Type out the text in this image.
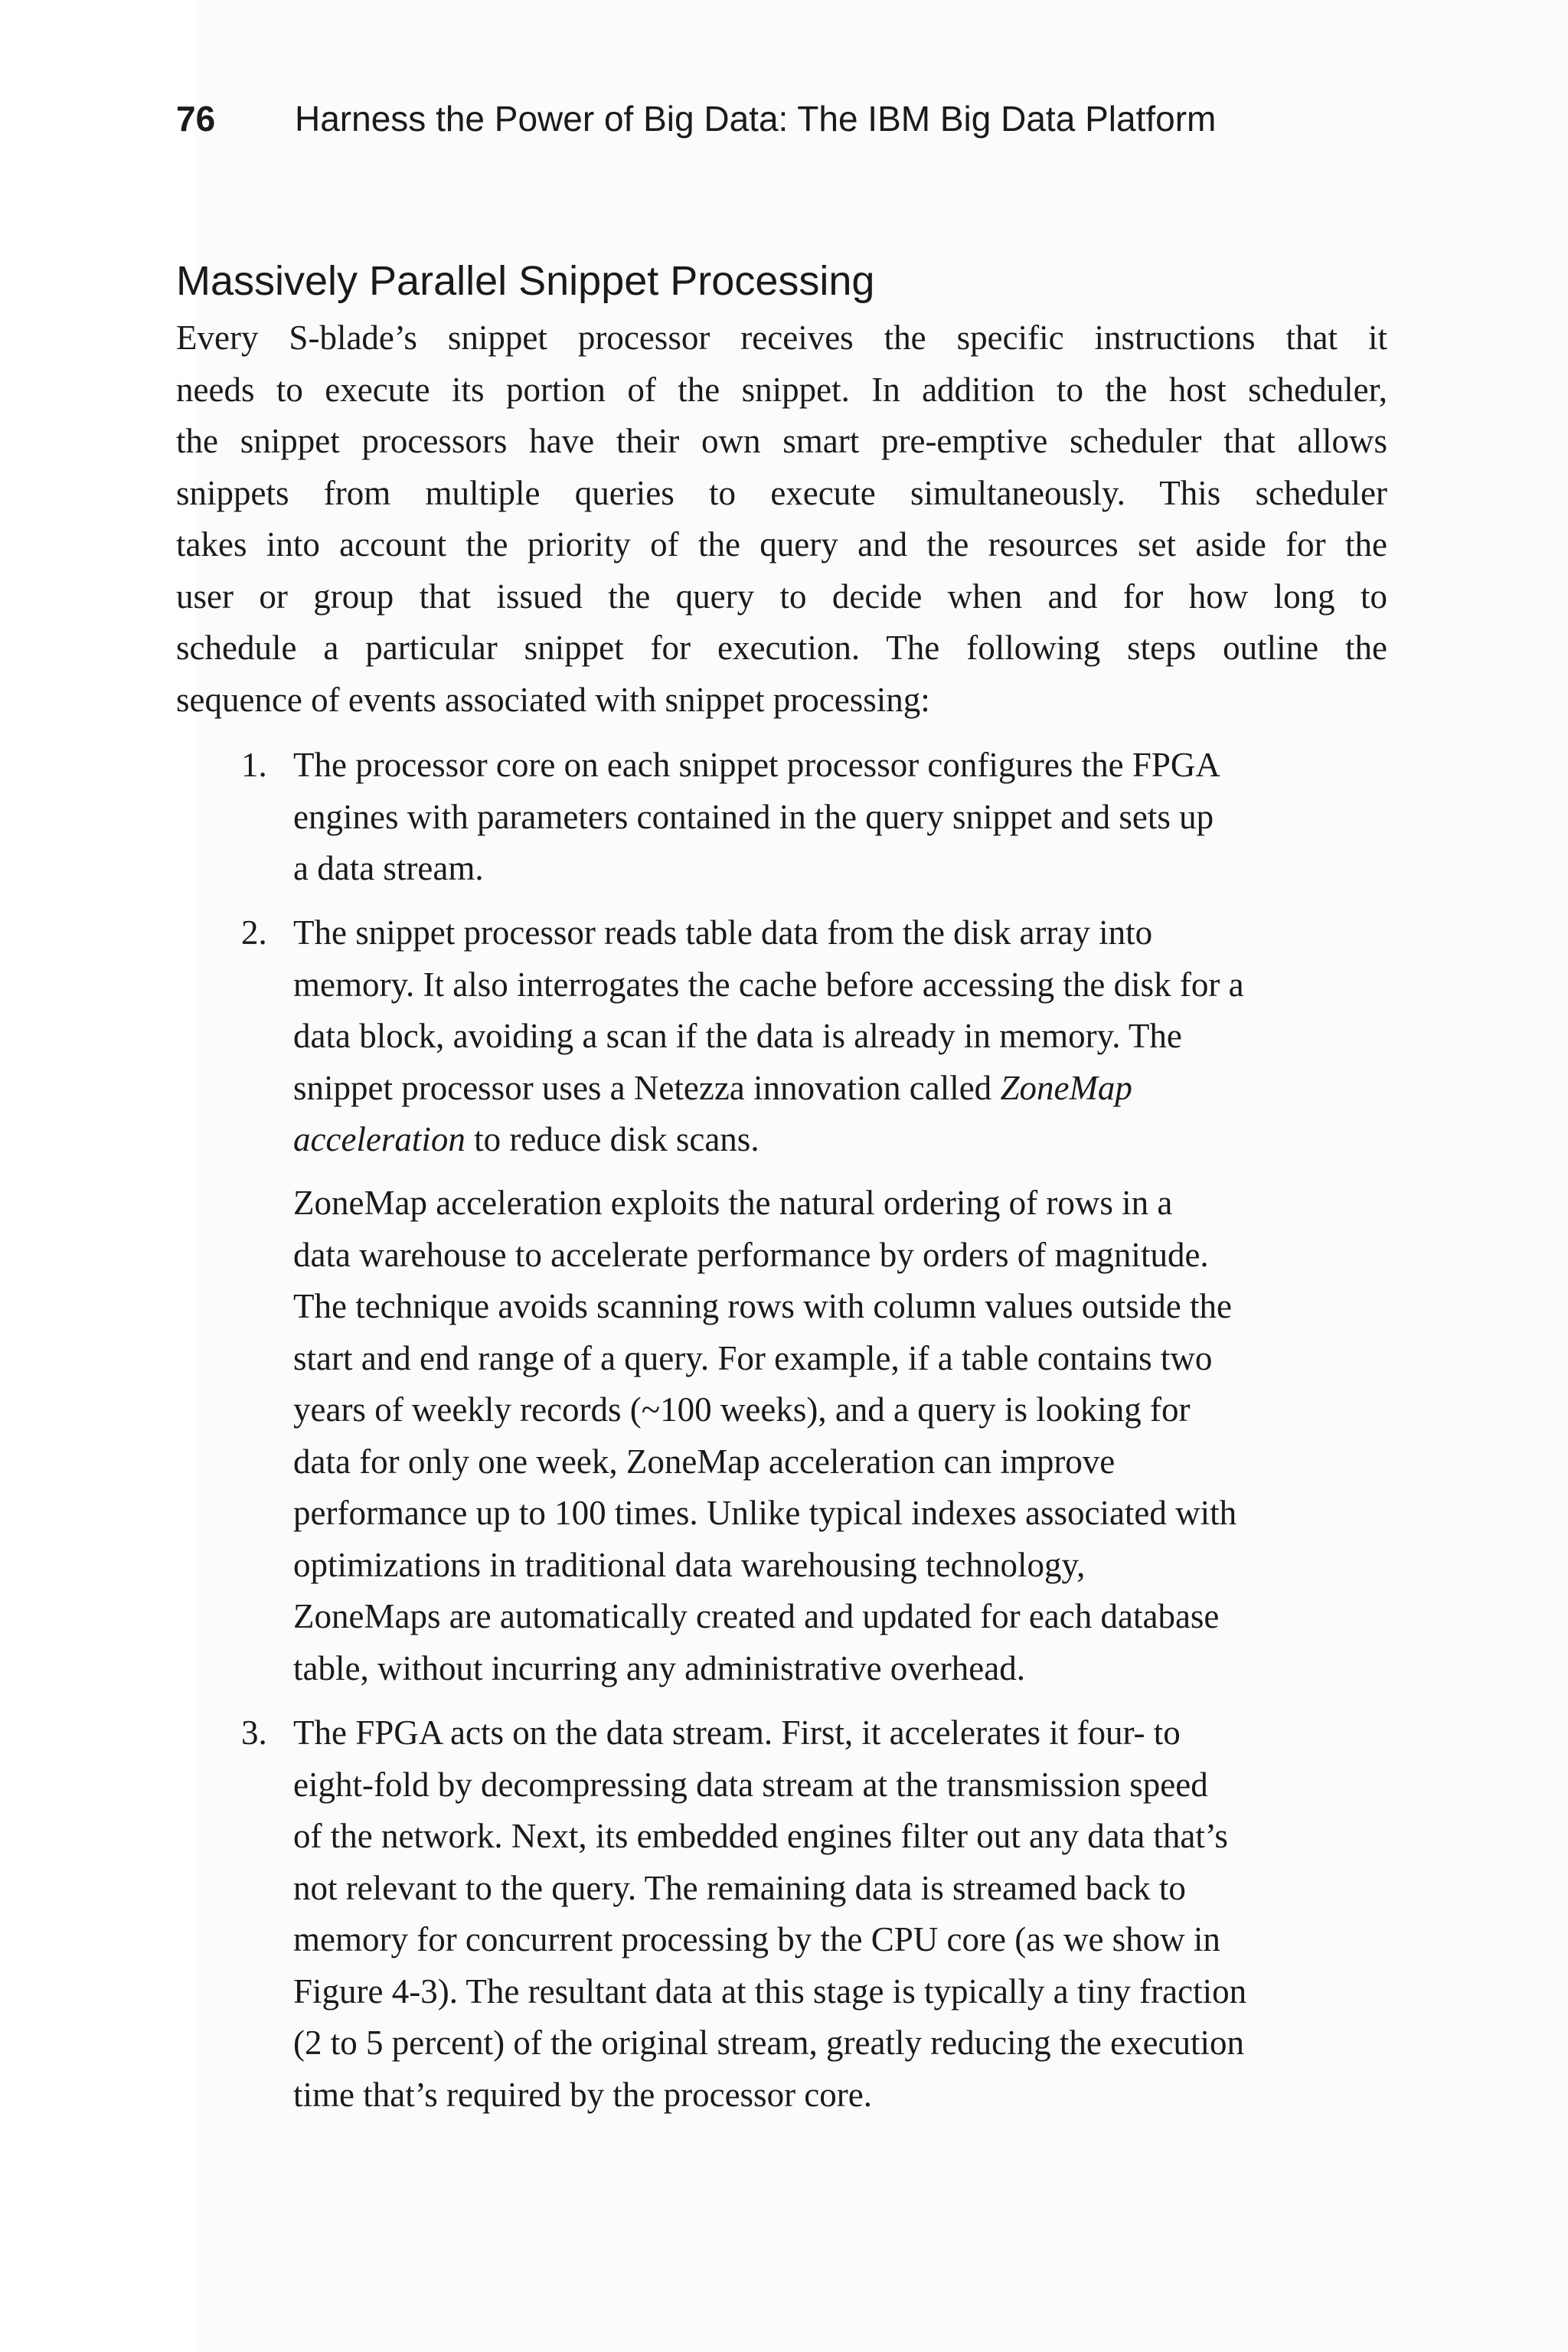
76 Harness the Power of Big Data: The IBM Big Data Platform
Massively Parallel Snippet Processing
Every S-blade’s snippet processor receives the specific instructions that it
needs to execute its portion of the snippet. In addition to the host scheduler,
the snippet processors have their own smart pre-emptive scheduler that allows
snippets from multiple queries to execute simultaneously. This scheduler
takes into account the priority of the query and the resources set aside for the
user or group that issued the query to decide when and for how long to
schedule a particular snippet for execution. The following steps outline the
sequence of events associated with snippet processing:
1. The processor core on each snippet processor configures the FPGA
engines with parameters contained in the query snippet and sets up
a data stream.
2. The snippet processor reads table data from the disk array into
memory. It also interrogates the cache before accessing the disk for a
data block, avoiding a scan if the data is already in memory. The
snippet processor uses a Netezza innovation called ZoneMap
acceleration to reduce disk scans.
ZoneMap acceleration exploits the natural ordering of rows in a
data warehouse to accelerate performance by orders of magnitude.
The technique avoids scanning rows with column values outside the
start and end range of a query. For example, if a table contains two
years of weekly records (~100 weeks), and a query is looking for
data for only one week, ZoneMap acceleration can improve
performance up to 100 times. Unlike typical indexes associated with
optimizations in traditional data warehousing technology,
ZoneMaps are automatically created and updated for each database
table, without incurring any administrative overhead.
3. The FPGA acts on the data stream. First, it accelerates it four- to
eight-fold by decompressing data stream at the transmission speed
of the network. Next, its embedded engines filter out any data that’s
not relevant to the query. The remaining data is streamed back to
memory for concurrent processing by the CPU core (as we show in
Figure 4-3). The resultant data at this stage is typically a tiny fraction
(2 to 5 percent) of the original stream, greatly reducing the execution
time that’s required by the processor core.
